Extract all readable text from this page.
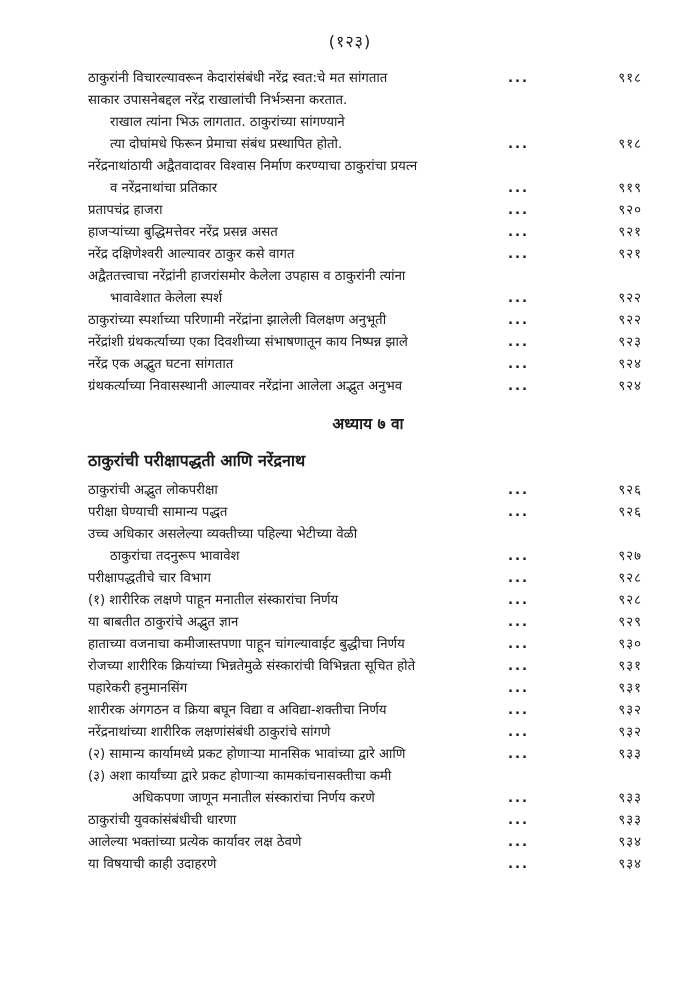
(१२३)
ठाकुरांनी विचारल्यावरून केदारांसंबंधी नरेंद्र स्वत:चे मत सांगतात	...	९१८
साकार उपासनेबद्दल नरेंद्र राखालांची निर्भत्र्सना करतात.
राखाल त्यांना भिऊ लागतात. ठाकुरांच्या सांगण्याने
त्या दोघांमधे फिरून प्रेमाचा संबंध प्रस्थापित होतो.	...	९१८
नरेंद्रनाथांठायी अद्वैतवादावर विश्वास निर्माण करण्याचा ठाकुरांचा प्रयत्न
व नरेंद्रनाथांचा प्रतिकार	...	९१९
प्रतापचंद्र हाजरा	...	९२०
हाजऱ्यांच्या बुद्धिमत्तेवर नरेंद्र प्रसन्न असत	...	९२१
नरेंद्र दक्षिणेश्वरी आल्यावर ठाकुर कसे वागत	...	९२१
अद्वैततत्त्वाचा नरेंद्रांनी हाजरांसमोर केलेला उपहास व ठाकुरांनी त्यांना
भावावेशात केलेला स्पर्श	...	९२२
ठाकुरांच्या स्पर्शाच्या परिणामी नरेंद्रांना झालेली विलक्षण अनुभूती	...	९२२
नरेंद्रांशी ग्रंथकर्त्याच्या एका दिवशीच्या संभाषणातून काय निष्पन्न झाले	...	९२३
नरेंद्र एक अद्भुत घटना सांगतात	...	९२४
ग्रंथकर्त्याच्या निवासस्थानी आल्यावर नरेंद्रांना आलेला अद्भुत अनुभव	...	९२४
अध्याय ७ वा
ठाकुरांची परीक्षापद्धती आणि नरेंद्रनाथ
ठाकुरांची अद्भुत लोकपरीक्षा	...	९२६
परीक्षा घेण्याची सामान्य पद्धत	...	९२६
उच्च अधिकार असलेल्या व्यक्तीच्या पहिल्या भेटीच्या वेळी
ठाकुरांचा तदनुरूप भावावेश	...	९२७
परीक्षापद्धतीचे चार विभाग	...	९२८
(१) शारीरिक लक्षणे पाहून मनातील संस्कारांचा निर्णय	...	९२८
या बाबतीत ठाकुरांचे अद्भुत ज्ञान	...	९२९
हाताच्या वजनाचा कमीजास्तपणा पाहून चांगल्यावाईट बुद्धीचा निर्णय	...	९३०
रोजच्या शारीरिक क्रियांच्या भिन्नतेमुळे संस्कारांची विभिन्नता सूचित होते	...	९३१
पहारेकरी हनुमानसिंग	...	९३१
शारीरक अंगगठन व क्रिया बघून विद्या व अविद्या-शक्तीचा निर्णय	...	९३२
नरेंद्रनाथांच्या शारीरिक लक्षणांसंबंधी ठाकुरांचे सांगणे	...	९३२
(२) सामान्य कार्यामध्ये प्रकट होणाऱ्या मानसिक भावांच्या द्वारे आणि	...	९३३
(३) अशा कार्यांच्या द्वारे प्रकट होणाऱ्या कामकांचनासक्तीचा कमी
अधिकपणा जाणून मनातील संस्कारांचा निर्णय करणे	...	९३३
ठाकुरांची युवकांसंबंधीची धारणा	...	९३३
आलेल्या भक्तांच्या प्रत्येक कार्यावर लक्ष ठेवणे	...	९३४
या विषयाची काही उदाहरणे	...	९३४
